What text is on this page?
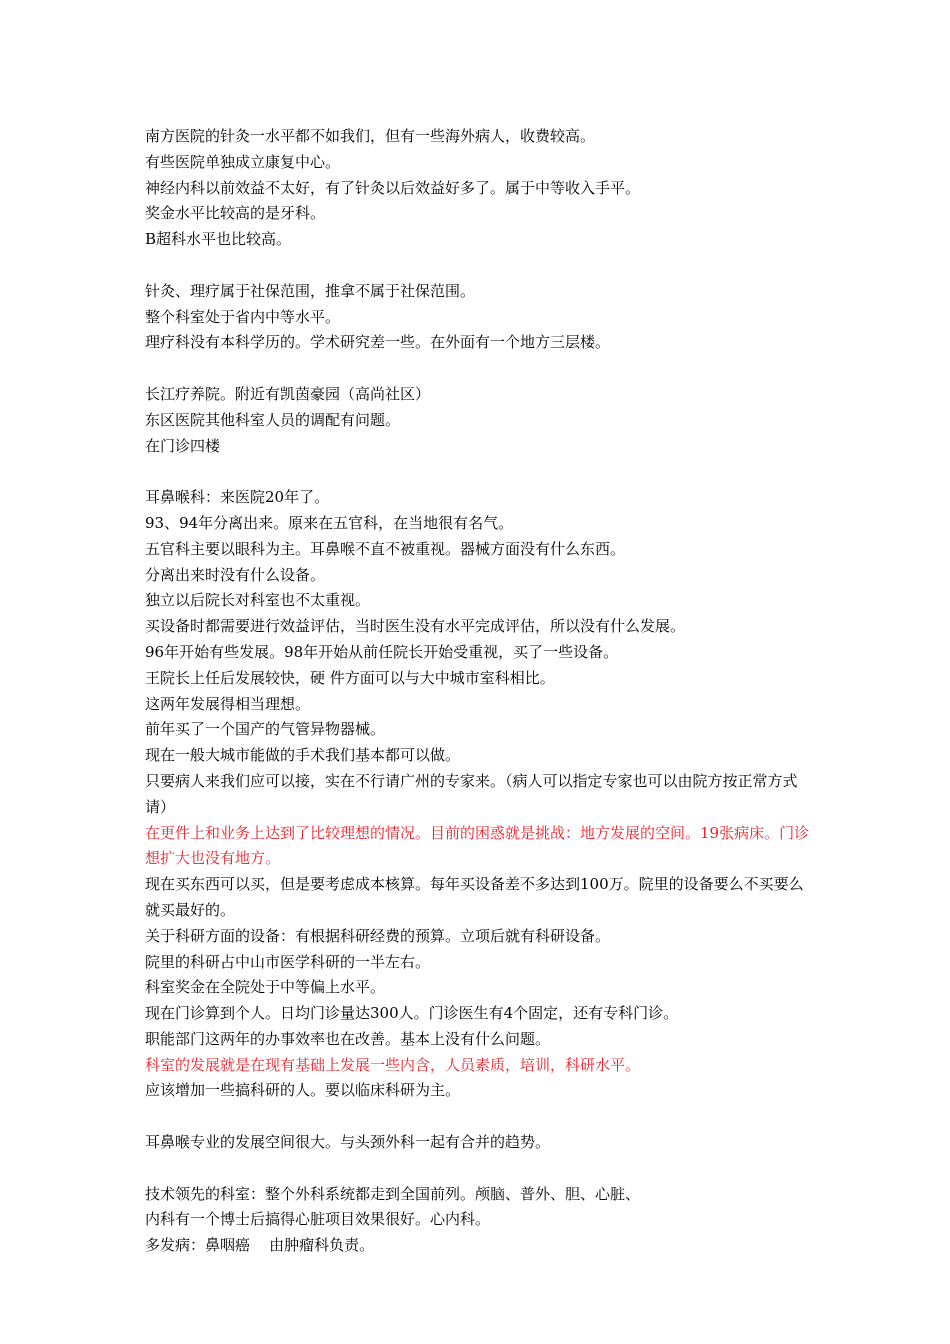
南方医院的针灸一水平都不如我们，但有一些海外病人，收费较高。
有些医院单独成立康复中心。
神经内科以前效益不太好，有了针灸以后效益好多了。属于中等收入手平。
奖金水平比较高的是牙科。
B超科水平也比较高。
针灸、理疗属于社保范围，推拿不属于社保范围。
整个科室处于省内中等水平。
理疗科没有本科学历的。学术研究差一些。在外面有一个地方三层楼。
长江疗养院。附近有凯茵豪园（高尚社区）
东区医院其他科室人员的调配有问题。
在门诊四楼
耳鼻喉科：来医院20年了。
93、94年分离出来。原来在五官科，在当地很有名气。
五官科主要以眼科为主。耳鼻喉不直不被重视。器械方面没有什么东西。
分离出来时没有什么设备。
独立以后院长对科室也不太重视。
买设备时都需要进行效益评估，当时医生没有水平完成评估，所以没有什么发展。
96年开始有些发展。98年开始从前任院长开始受重视，买了一些设备。
王院长上任后发展较快，硬 件方面可以与大中城市室科相比。
这两年发展得相当理想。
前年买了一个国产的气管异物器械。
现在一般大城市能做的手术我们基本都可以做。
只要病人来我们应可以接，实在不行请广州的专家来。（病人可以指定专家也可以由院方按正常方式请）
在更件上和业务上达到了比较理想的情况。目前的困惑就是挑战：地方发展的空间。19张病床。门诊想扩大也没有地方。
现在买东西可以买，但是要考虑成本核算。每年买设备差不多达到100万。院里的设备要么不买要么就买最好的。
关于科研方面的设备：有根据科研经费的预算。立项后就有科研设备。
院里的科研占中山市医学科研的一半左右。
科室奖金在全院处于中等偏上水平。
现在门诊算到个人。日均门诊量达300人。门诊医生有4个固定，还有专科门诊。
职能部门这两年的办事效率也在改善。基本上没有什么问题。
科室的发展就是在现有基础上发展一些内含，人员素质，培训，科研水平。
应该增加一些搞科研的人。要以临床科研为主。
耳鼻喉专业的发展空间很大。与头颈外科一起有合并的趋势。
技术领先的科室：整个外科系统都走到全国前列。颅脑、普外、胆、心脏、
内科有一个博士后搞得心脏项目效果很好。心内科。
多发病：鼻咽癌    由肿瘤科负责。
